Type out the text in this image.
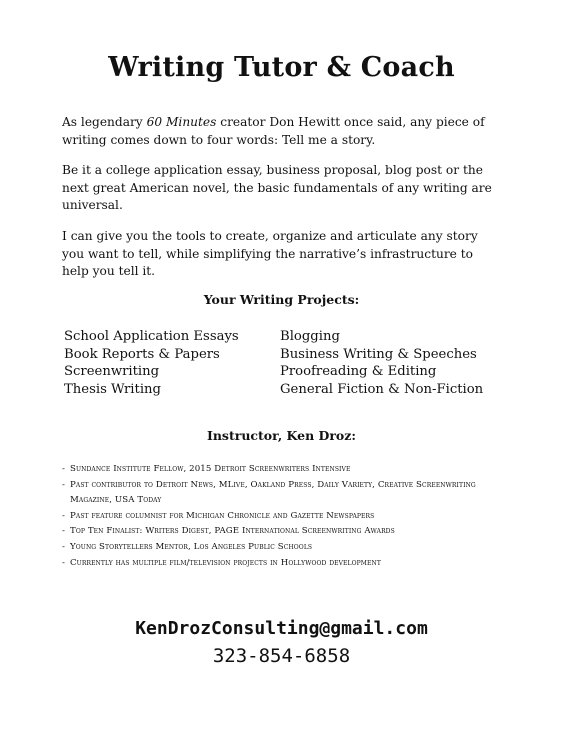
Writing Tutor & Coach

As legendary 60 Minutes creator Don Hewitt once said, any piece of writing comes down to four words: Tell me a story.

Be it a college application essay, business proposal, blog post or the next great American novel, the basic fundamentals of any writing are universal.

I can give you the tools to create, organize and articulate any story you want to tell, while simplifying the narrative’s infrastructure to help you tell it.

Your Writing Projects:
School Application Essays	Blogging
Book Reports & Papers	Business Writing & Speeches
Screenwriting	Proofreading & Editing
Thesis Writing	General Fiction & Non-Fiction
Instructor, Ken Droz:
- Sundance Institute Fellow, 2015 Detroit Screenwriters Intensive
- Past contributor to Detroit News, MLive, Oakland Press, Daily Variety, Creative Screenwriting Magazine, USA Today
- Past feature columnist for Michigan Chronicle and Gazette Newspapers
- Top Ten Finalist: Writers Digest, PAGE International Screenwriting Awards
- Young Storytellers Mentor, Los Angeles Public Schools
- Currently has multiple film/television projects in Hollywood development
KenDrozConsulting@gmail.com
323-854-6858
